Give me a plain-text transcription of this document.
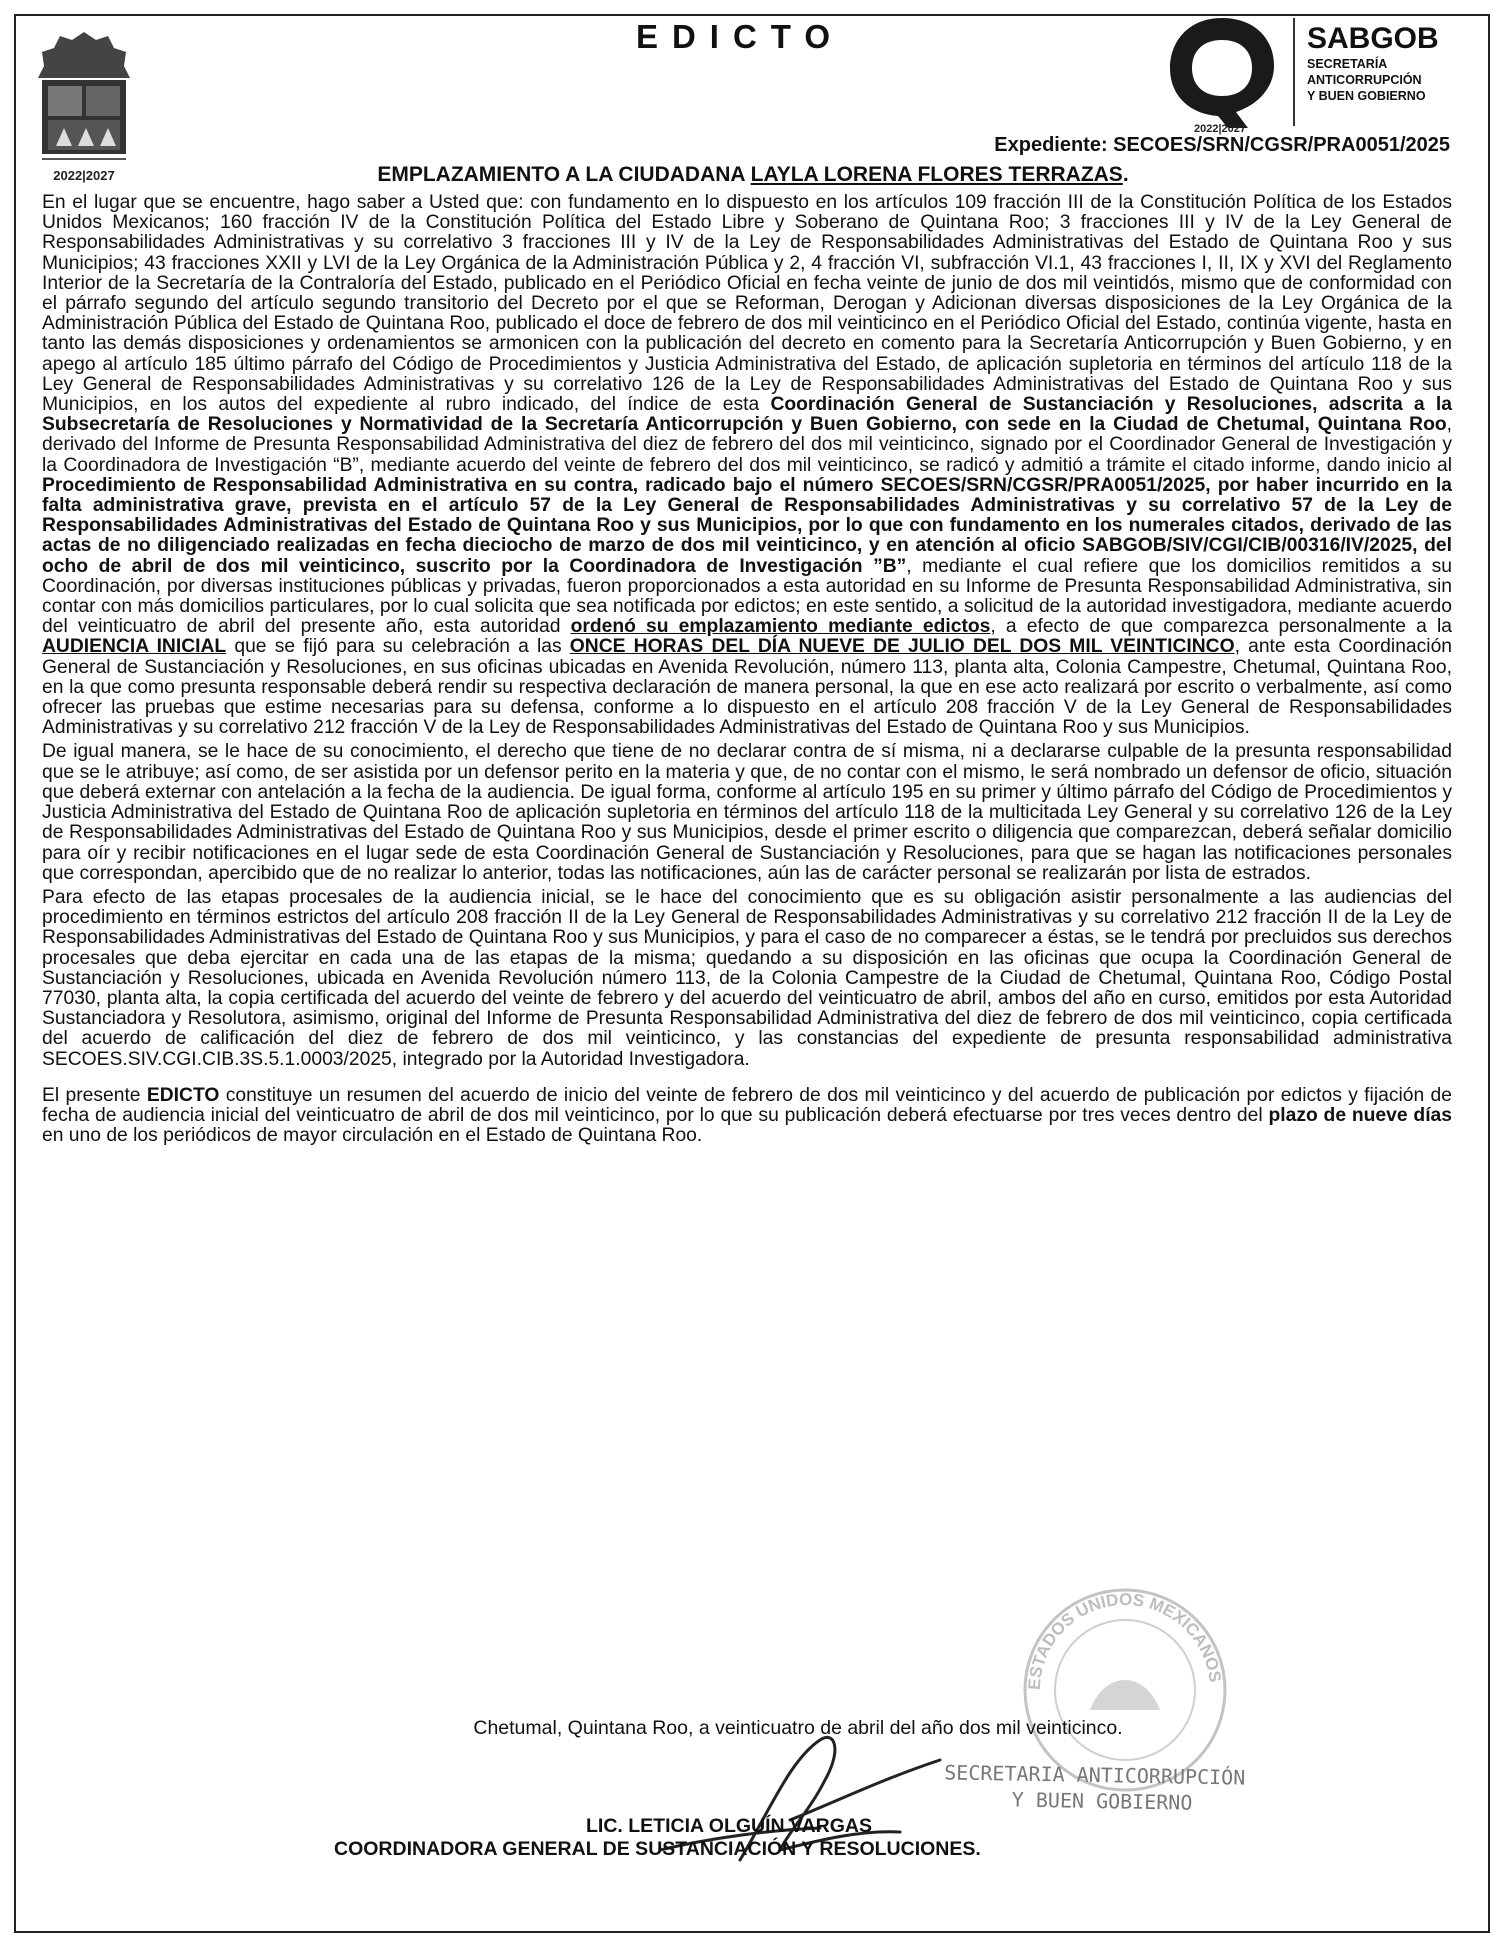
2022|2027
EDICTO
2022|2027
SABGOB
SECRETARÍA
ANTICORRUPCIÓN
Y BUEN GOBIERNO
Expediente: SECOES/SRN/CGSR/PRA0051/2025
EMPLAZAMIENTO A LA CIUDADANA LAYLA LORENA FLORES TERRAZAS.

En el lugar que se encuentre, hago saber a Usted que: con fundamento en lo dispuesto en los artículos 109 fracción III de la Constitución Política de los Estados Unidos Mexicanos; 160 fracción IV de la Constitución Política del Estado Libre y Soberano de Quintana Roo; 3 fracciones III y IV de la Ley General de Responsabilidades Administrativas y su correlativo 3 fracciones III y IV de la Ley de Responsabilidades Administrativas del Estado de Quintana Roo y sus Municipios; 43 fracciones XXII y LVI de la Ley Orgánica de la Administración Pública y 2, 4 fracción VI, subfracción VI.1, 43 fracciones I, II, IX y XVI del Reglamento Interior de la Secretaría de la Contraloría del Estado, publicado en el Periódico Oficial en fecha veinte de junio de dos mil veintidós, mismo que de conformidad con el párrafo segundo del artículo segundo transitorio del Decreto por el que se Reforman, Derogan y Adicionan diversas disposiciones de la Ley Orgánica de la Administración Pública del Estado de Quintana Roo, publicado el doce de febrero de dos mil veinticinco en el Periódico Oficial del Estado, continúa vigente, hasta en tanto las demás disposiciones y ordenamientos se armonicen con la publicación del decreto en comento para la Secretaría Anticorrupción y Buen Gobierno, y en apego al artículo 185 último párrafo del Código de Procedimientos y Justicia Administrativa del Estado, de aplicación supletoria en términos del artículo 118 de la Ley General de Responsabilidades Administrativas y su correlativo 126 de la Ley de Responsabilidades Administrativas del Estado de Quintana Roo y sus Municipios, en los autos del expediente al rubro indicado, del índice de esta Coordinación General de Sustanciación y Resoluciones, adscrita a la Subsecretaría de Resoluciones y Normatividad de la Secretaría Anticorrupción y Buen Gobierno, con sede en la Ciudad de Chetumal, Quintana Roo, derivado del Informe de Presunta Responsabilidad Administrativa del diez de febrero del dos mil veinticinco, signado por el Coordinador General de Investigación y la Coordinadora de Investigación “B”, mediante acuerdo del veinte de febrero del dos mil veinticinco, se radicó y admitió a trámite el citado informe, dando inicio al Procedimiento de Responsabilidad Administrativa en su contra, radicado bajo el número SECOES/SRN/CGSR/PRA0051/2025, por haber incurrido en la falta administrativa grave, prevista en el artículo 57 de la Ley General de Responsabilidades Administrativas y su correlativo 57 de la Ley de Responsabilidades Administrativas del Estado de Quintana Roo y sus Municipios, por lo que con fundamento en los numerales citados, derivado de las actas de no diligenciado realizadas en fecha dieciocho de marzo de dos mil veinticinco, y en atención al oficio SABGOB/SIV/CGI/CIB/00316/IV/2025, del ocho de abril de dos mil veinticinco, suscrito por la Coordinadora de Investigación ”B”, mediante el cual refiere que los domicilios remitidos a su Coordinación, por diversas instituciones públicas y privadas, fueron proporcionados a esta autoridad en su Informe de Presunta Responsabilidad Administrativa, sin contar con más domicilios particulares, por lo cual solicita que sea notificada por edictos; en este sentido, a solicitud de la autoridad investigadora, mediante acuerdo del veinticuatro de abril del presente año, esta autoridad ordenó su emplazamiento mediante edictos, a efecto de que comparezca personalmente a la AUDIENCIA INICIAL que se fijó para su celebración a las ONCE HORAS DEL DÍA NUEVE DE JULIO DEL DOS MIL VEINTICINCO, ante esta Coordinación General de Sustanciación y Resoluciones, en sus oficinas ubicadas en Avenida Revolución, número 113, planta alta, Colonia Campestre, Chetumal, Quintana Roo, en la que como presunta responsable deberá rendir su respectiva declaración de manera personal, la que en ese acto realizará por escrito o verbalmente, así como ofrecer las pruebas que estime necesarias para su defensa, conforme a lo dispuesto en el artículo 208 fracción V de la Ley General de Responsabilidades Administrativas y su correlativo 212 fracción V de la Ley de Responsabilidades Administrativas del Estado de Quintana Roo y sus Municipios.

De igual manera, se le hace de su conocimiento, el derecho que tiene de no declarar contra de sí misma, ni a declararse culpable de la presunta responsabilidad que se le atribuye; así como, de ser asistida por un defensor perito en la materia y que, de no contar con el mismo, le será nombrado un defensor de oficio, situación que deberá externar con antelación a la fecha de la audiencia. De igual forma, conforme al artículo 195 en su primer y último párrafo del Código de Procedimientos y Justicia Administrativa del Estado de Quintana Roo de aplicación supletoria en términos del artículo 118 de la multicitada Ley General y su correlativo 126 de la Ley de Responsabilidades Administrativas del Estado de Quintana Roo y sus Municipios, desde el primer escrito o diligencia que comparezcan, deberá señalar domicilio para oír y recibir notificaciones en el lugar sede de esta Coordinación General de Sustanciación y Resoluciones, para que se hagan las notificaciones personales que correspondan, apercibido que de no realizar lo anterior, todas las notificaciones, aún las de carácter personal se realizarán por lista de estrados.

Para efecto de las etapas procesales de la audiencia inicial, se le hace del conocimiento que es su obligación asistir personalmente a las audiencias del procedimiento en términos estrictos del artículo 208 fracción II de la Ley General de Responsabilidades Administrativas y su correlativo 212 fracción II de la Ley de Responsabilidades Administrativas del Estado de Quintana Roo y sus Municipios, y para el caso de no comparecer a éstas, se le tendrá por precluidos sus derechos procesales que deba ejercitar en cada una de las etapas de la misma; quedando a su disposición en las oficinas que ocupa la Coordinación General de Sustanciación y Resoluciones, ubicada en Avenida Revolución número 113, de la Colonia Campestre de la Ciudad de Chetumal, Quintana Roo, Código Postal 77030, planta alta, la copia certificada del acuerdo del veinte de febrero y del acuerdo del veinticuatro de abril, ambos del año en curso, emitidos por esta Autoridad Sustanciadora y Resolutora, asimismo, original del Informe de Presunta Responsabilidad Administrativa del diez de febrero de dos mil veinticinco, copia certificada del acuerdo de calificación del diez de febrero de dos mil veinticinco, y las constancias del expediente de presunta responsabilidad administrativa SECOES.SIV.CGI.CIB.3S.5.1.0003/2025, integrado por la Autoridad Investigadora.

El presente EDICTO constituye un resumen del acuerdo de inicio del veinte de febrero de dos mil veinticinco y del acuerdo de publicación por edictos y fijación de fecha de audiencia inicial del veinticuatro de abril de dos mil veinticinco, por lo que su publicación deberá efectuarse por tres veces dentro del plazo de nueve días en uno de los periódicos de mayor circulación en el Estado de Quintana Roo.

ESTADOS UNIDOS MEXICANOS
Chetumal, Quintana Roo, a veinticuatro de abril del año dos mil veinticinco.
SECRETARIA ANTICORRUPCIÓN
Y BUEN GOBIERNO
LIC. LETICIA OLGUÍN VARGAS
COORDINADORA GENERAL DE SUSTANCIACIÓN Y RESOLUCIONES.
